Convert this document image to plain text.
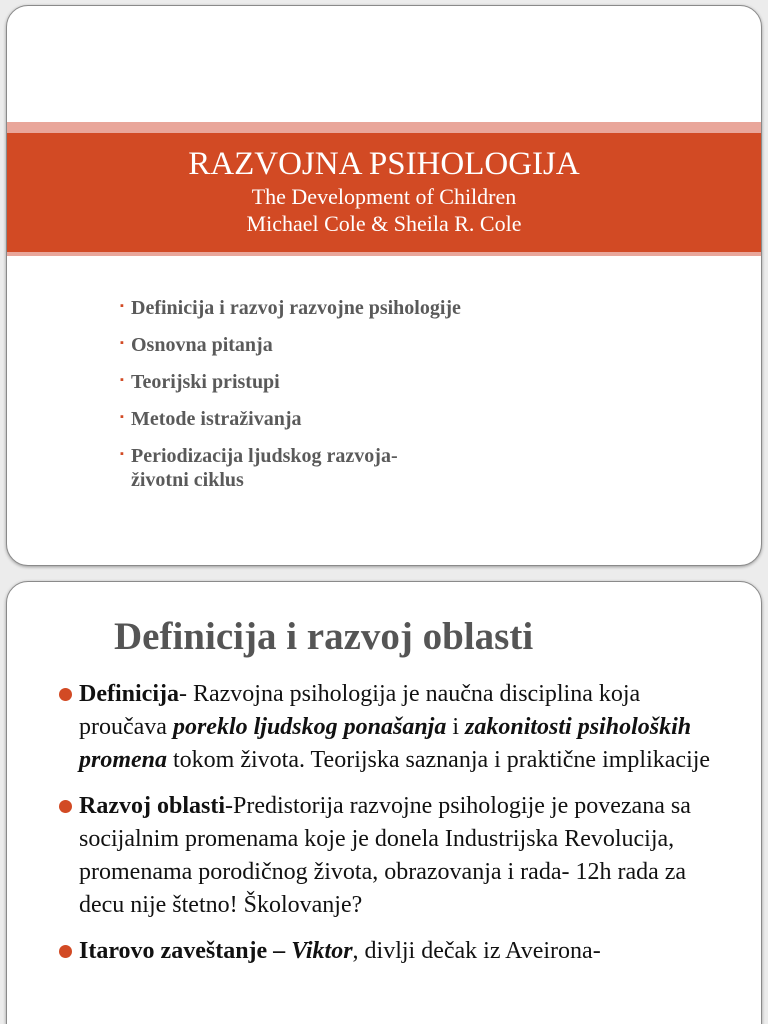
RAZVOJNA PSIHOLOGIJA
The Development of Children
Michael Cole & Sheila R. Cole
▪ Definicija i razvoj razvojne psihologije
▪ Osnovna pitanja
▪ Teorijski pristupi
▪ Metode istraživanja
▪ Periodizacija ljudskog razvoja-
životni ciklus
Definicija i razvoj oblasti
Definicija- Razvojna psihologija je naučna disciplina koja proučava poreklo ljudskog ponašanja i zakonitosti psiholoških promena tokom života. Teorijska saznanja i praktične implikacije
Razvoj oblasti-Predistorija razvojne psihologije je povezana sa socijalnim promenama koje je donela Industrijska Revolucija, promenama porodičnog života, obrazovanja i rada- 12h rada za decu nije štetno! Školovanje?
Itarovo zaveštanje – Viktor, divlji dečak iz Aveirona-
